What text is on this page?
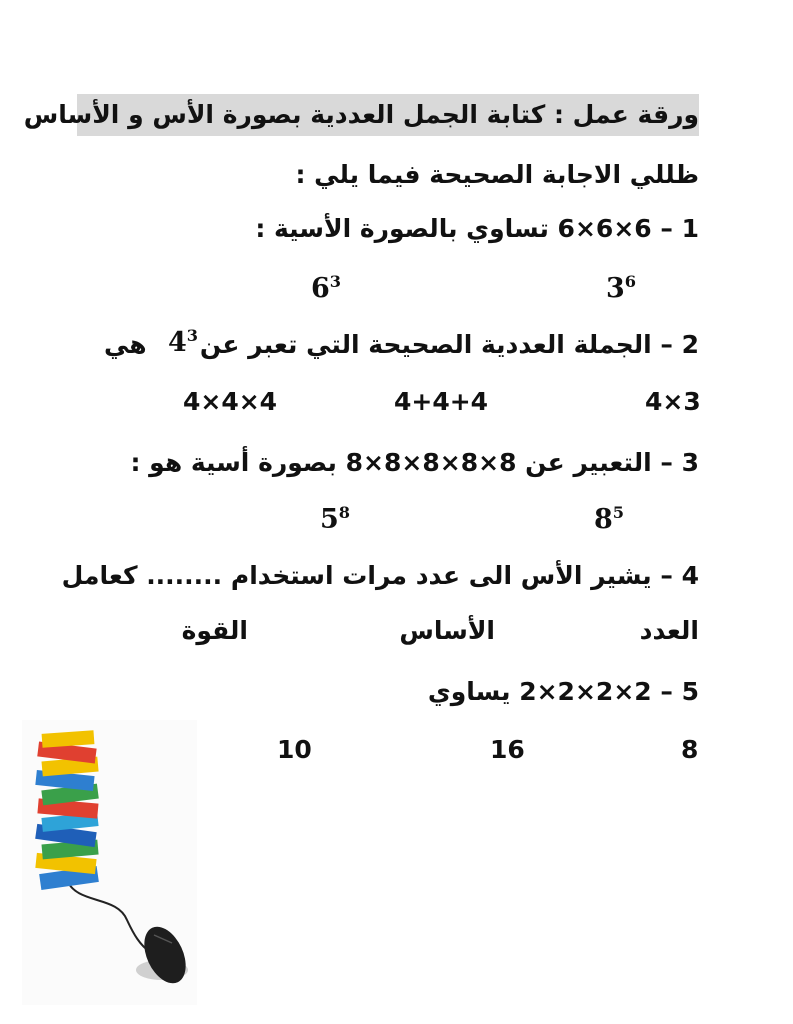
ورقة عمل : كتابة الجمل العددية بصورة الأس و الأساس
ظللي الاجابة الصحيحة فيما يلي :
1 – 6×6×6 تساوي بالصورة الأسية :
$3^6$
$6^3$
2 – الجملة العددية الصحيحة التي تعبر عن
$4^3$
هي
4×3
4+4+4
4×4×4
3 – التعبير عن 8×8×8×8×8 بصورة أسية هو :
$8^5$
$5^8$
4 – يشير الأس الى عدد مرات استخدام ........ كعامل
العدد
الأساس
القوة
5 – 2×2×2×2 يساوي
8
16
10
